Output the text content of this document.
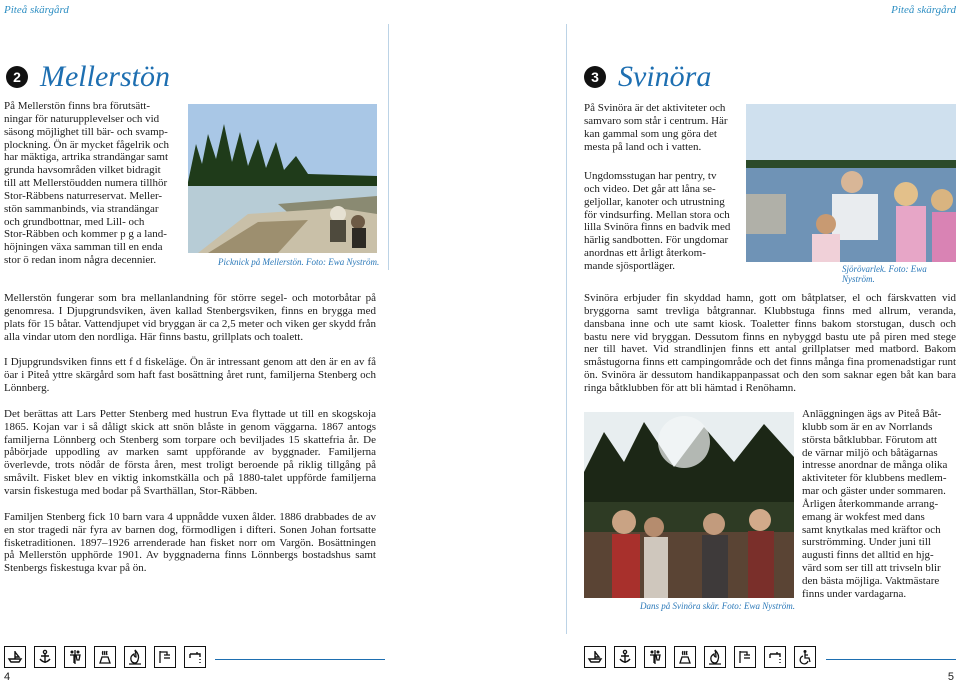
Piteå skärgård	Piteå skärgård
2 Mellerstön
På Mellerstön finns bra förutsätt-
ningar för naturupplevelser och vid
säsong möjlighet till bär- och svamp-
plockning. Ön är mycket fågelrik och
har mäktiga, artrika strandängar samt
grunda havsområden vilket bidragit
till att Mellerstöudden numera tillhör
Stor-Räbbens naturreservat. Meller-
stön sammanbinds, via strandängar
och grundbottnar, med Lill- och
Stor-Räbben och kommer p g a land-
höjningen växa samman till en enda
stor ö redan inom några decennier.	Picknick på Mellerstön. Foto: Ewa Nyström.

Mellerstön fungerar som bra mellanlandning för större segel- och motorbåtar på genomresa. I Djupgrundsviken, även kallad Stenbergsviken, finns en brygga med plats för 15 båtar. Vattendjupet vid bryggan är ca 2,5 meter och viken ger skydd från alla vindar utom den nordliga. Här finns bastu, grillplats och toalett.

I Djupgrundsviken finns ett f d fiskeläge. Ön är intressant genom att den är en av få öar i Piteå yttre skärgård som haft fast bosättning året runt, familjerna Stenberg och Lönnberg.

Det berättas att Lars Petter Stenberg med hustrun Eva flyttade ut till en skogskoja 1865. Kojan var i så dåligt skick att snön blåste in genom väggarna. 1867 antogs familjerna Lönnberg och Stenberg som torpare och beviljades 15 skattefria år. De påbörjade uppodling av marken samt uppförande av byggnader. Familjerna överlevde, trots nödår de första åren, mest troligt beroende på riklig tillgång på småvilt. Fisket blev en viktig inkomstkälla och på 1880-talet uppförde familjerna varsin fiskestuga med bodar på Svarthällan, Stor-Räbben.

Familjen Stenberg fick 10 barn vara 4 uppnådde vuxen ålder. 1886 drabbades de av en stor tragedi när fyra av barnen dog, förmodligen i difteri. Sonen Johan fortsatte fisketraditionen. 1897–1926 arrenderade han fisket norr om Vargön. Bosättningen på Mellerstön upphörde 1901. Av byggnaderna finns Lönnbergs bostadshus samt Stenbergs fiskestuga kvar på ön.

3 Svinöra
På Svinöra är det aktiviteter och
samvaro som står i centrum. Här
kan gammal som ung göra det
mesta på land och i vatten.
Ungdomsstugan har pentry, tv
och video. Det går att låna se-
geljollar, kanoter och utrustning
för vindsurfing. Mellan stora och
lilla Svinöra finns en badvik med
härlig sandbotten. För ungdomar
anordnas ett årligt återkom-
mande sjösportläger.	Sjörövarlek. Foto: Ewa Nyström.

Svinöra erbjuder fin skyddad hamn, gott om båtplatser, el och färskvatten vid bryggorna samt trevliga båtgrannar. Klubbstuga finns med allrum, veranda, dansbana inne och ute samt kiosk. Toaletter finns bakom storstugan, dusch och bastu nere vid bryggan. Dessutom finns en nybyggd bastu ute på piren med stege ner till havet. Vid strandlinjen finns ett antal grillplatser med matbord. Bakom småstugorna finns ett campingområde och det finns många fina promenadstigar runt ön. Svinöra är dessutom handikappanpassat och den som saknar egen båt kan bara ringa båtklubben för att bli hämtad i Renöhamn.

Dans på Svinöra skär. Foto: Ewa Nyström.
Anläggningen ägs av Piteå Båt-
klubb som är en av Norrlands
största båtklubbar. Förutom att
de värnar miljö och båtägarnas
intresse anordnar de många olika
aktiviteter för klubbens medlem-
mar och gäster under sommaren.
Årligen återkommande arrang-
emang är wokfest med dans
samt knytkalas med kräftor och
surströmming. Under juni till
augusti finns det alltid en hjg-
värd som ser till att trivseln blir
den bästa möjliga. Vaktmästare
finns under vardagarna.
4	5
